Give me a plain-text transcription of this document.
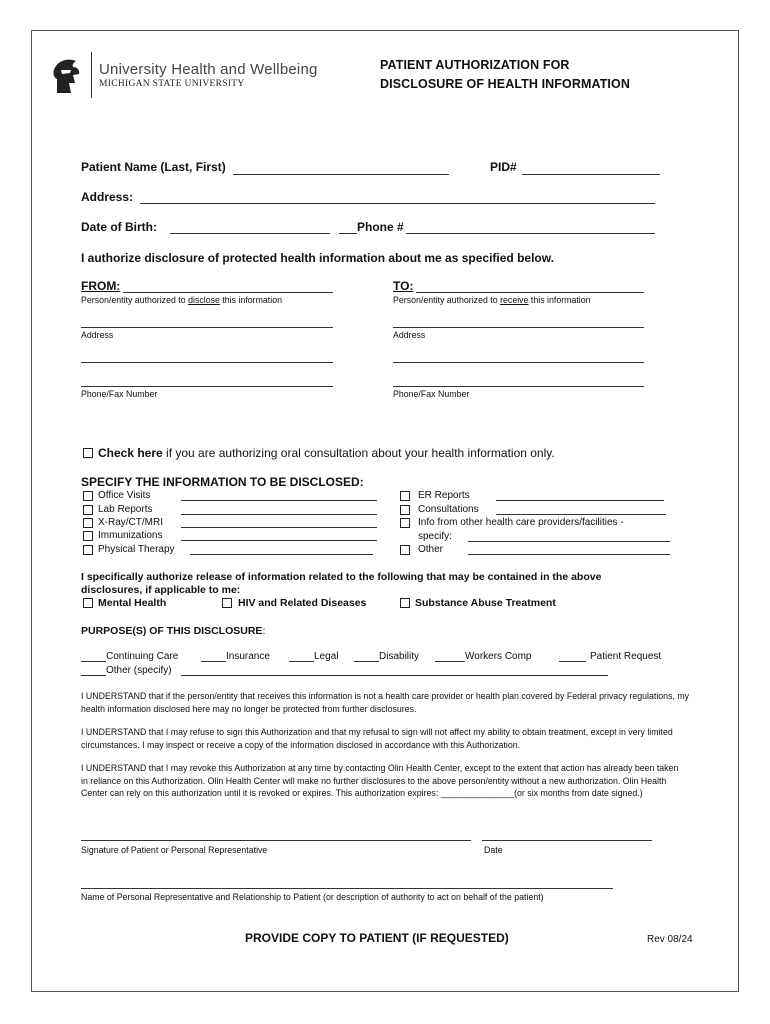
University Health and Wellbeing
MICHIGAN STATE UNIVERSITY
PATIENT AUTHORIZATION FOR
DISCLOSURE OF HEALTH INFORMATION
Patient Name (Last, First)	PID#
Address:
Date of Birth:	Phone #
I authorize disclosure of protected health information about me as specified below.
FROM:
Person/entity authorized to disclose this information
Address
Phone/Fax Number
TO:
Person/entity authorized to receive this information
Address
Phone/Fax Number
Check here if you are authorizing oral consultation about your health information only.
SPECIFY THE INFORMATION TO BE DISCLOSED:
Office Visits
Lab Reports
X-Ray/CT/MRI
Immunizations
Physical Therapy
ER Reports
Consultations
Info from other health care providers/facilities -
specify:
Other
I specifically authorize release of information related to the following that may be contained in the above
disclosures, if applicable to me:
Mental Health	HIV and Related Diseases	Substance Abuse Treatment
PURPOSE(S) OF THIS DISCLOSURE:
Continuing Care	Insurance	Legal	Disability	Workers Comp	Patient Request
Other (specify)
I UNDERSTAND that if the person/entity that receives this information is not a health care provider or health plan covered by Federal privacy regulations, my health information disclosed here may no longer be protected from further disclosures.
I UNDERSTAND that I may refuse to sign this Authorization and that my refusal to sign will not affect my ability to obtain treatment, except in very limited circumstances. I may inspect or receive a copy of the information disclosed in accordance with this Authorization.
I UNDERSTAND that I may revoke this Authorization at any time by contacting Olin Health Center, except to the extent that action has already been taken in reliance on this Authorization. Olin Health Center will make no further disclosures to the above person/entity without a new authorization. Olin Health Center can rely on this authorization until it is revoked or expires. This authorization expires: _______________(or six months from date signed.)
Signature of Patient or Personal Representative	Date
Name of Personal Representative and Relationship to Patient (or description of authority to act on behalf of the patient)
PROVIDE COPY TO PATIENT (IF REQUESTED)	Rev 08/24
